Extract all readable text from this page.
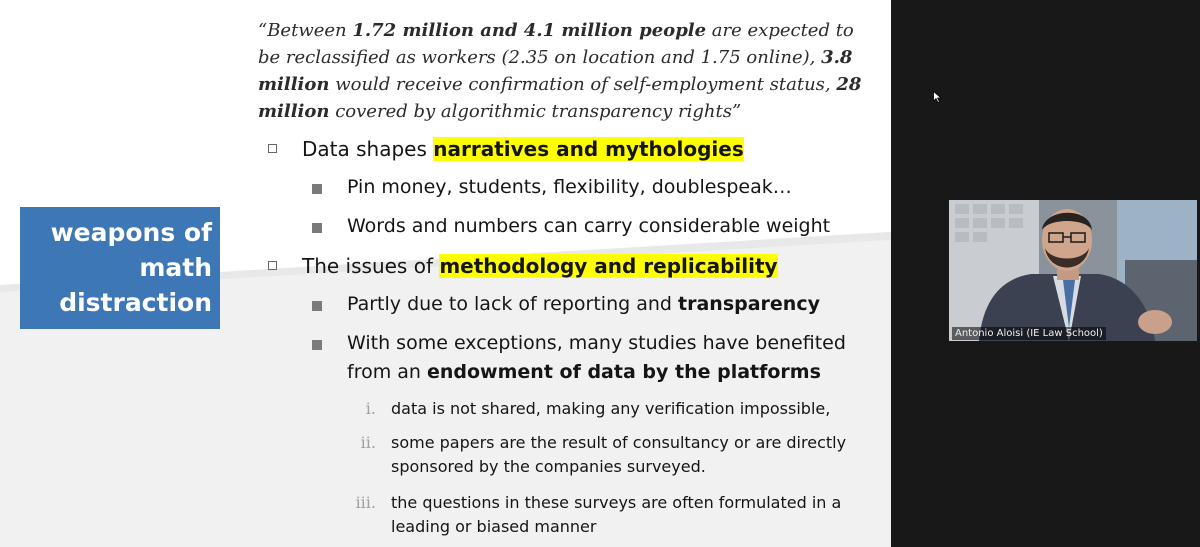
weapons of
math
distraction
“Between 1.72 million and 4.1 million people are expected to be reclassified as workers (2.35 on location and 1.75 online), 3.8 million would receive confirmation of self-employment status, 28 million covered by algorithmic transparency rights”
Data shapes narratives and mythologies
Pin money, students, flexibility, doublespeak…
Words and numbers can carry considerable weight
The issues of methodology and replicability
Partly due to lack of reporting and transparency
With some exceptions, many studies have benefited from an endowment of data by the platforms
i. data is not shared, making any verification impossible,
ii. some papers are the result of consultancy or are directly sponsored by the companies surveyed.
iii. the questions in these surveys are often formulated in a leading or biased manner
Antonio Aloisi (IE Law School)
